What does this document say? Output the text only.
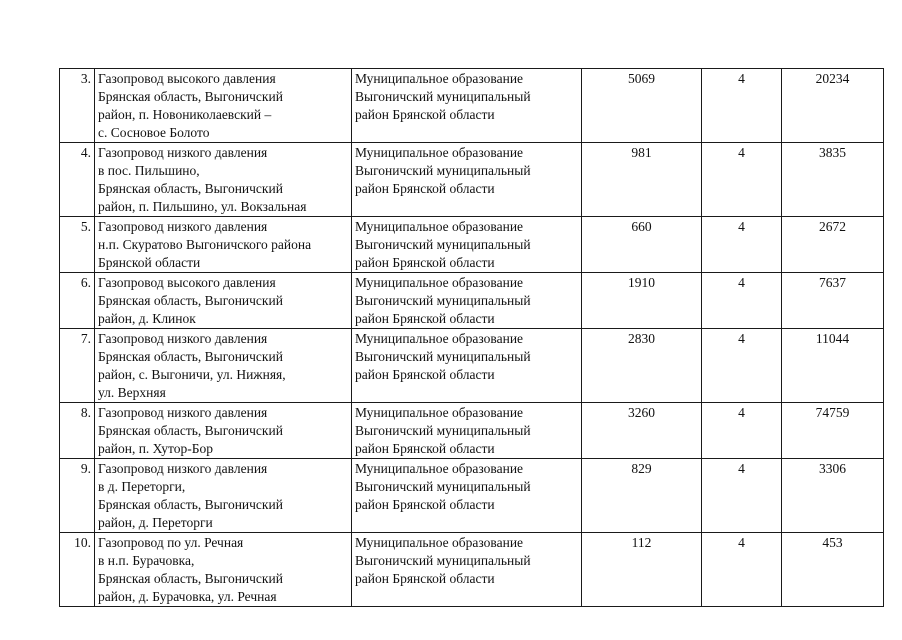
3.	Газопровод высокого давления
Брянская область, Выгоничский
район, п. Новониколаевский –
с. Сосновое Болото	Муниципальное образование
Выгоничский муниципальный
район Брянской области	5069	4	20234
4.	Газопровод низкого давления
в пос. Пильшино,
Брянская область, Выгоничский
район, п. Пильшино, ул. Вокзальная	Муниципальное образование
Выгоничский муниципальный
район Брянской области	981	4	3835
5.	Газопровод низкого давления
н.п. Скуратово Выгоничского района
Брянской области	Муниципальное образование
Выгоничский муниципальный
район Брянской области	660	4	2672
6.	Газопровод высокого давления
Брянская область, Выгоничский
район, д. Клинок	Муниципальное образование
Выгоничский муниципальный
район Брянской области	1910	4	7637
7.	Газопровод низкого давления
Брянская область, Выгоничский
район, с. Выгоничи, ул. Нижняя,
ул. Верхняя	Муниципальное образование
Выгоничский муниципальный
район Брянской области	2830	4	11044
8.	Газопровод низкого давления
Брянская область, Выгоничский
район, п. Хутор-Бор	Муниципальное образование
Выгоничский муниципальный
район Брянской области	3260	4	74759
9.	Газопровод низкого давления
в д. Переторги,
Брянская область, Выгоничский
район, д. Переторги	Муниципальное образование
Выгоничский муниципальный
район Брянской области	829	4	3306
10.	Газопровод по ул. Речная
в н.п. Бурачовка,
Брянская область, Выгоничский
район, д. Бурачовка, ул. Речная	Муниципальное образование
Выгоничский муниципальный
район Брянской области	112	4	453
